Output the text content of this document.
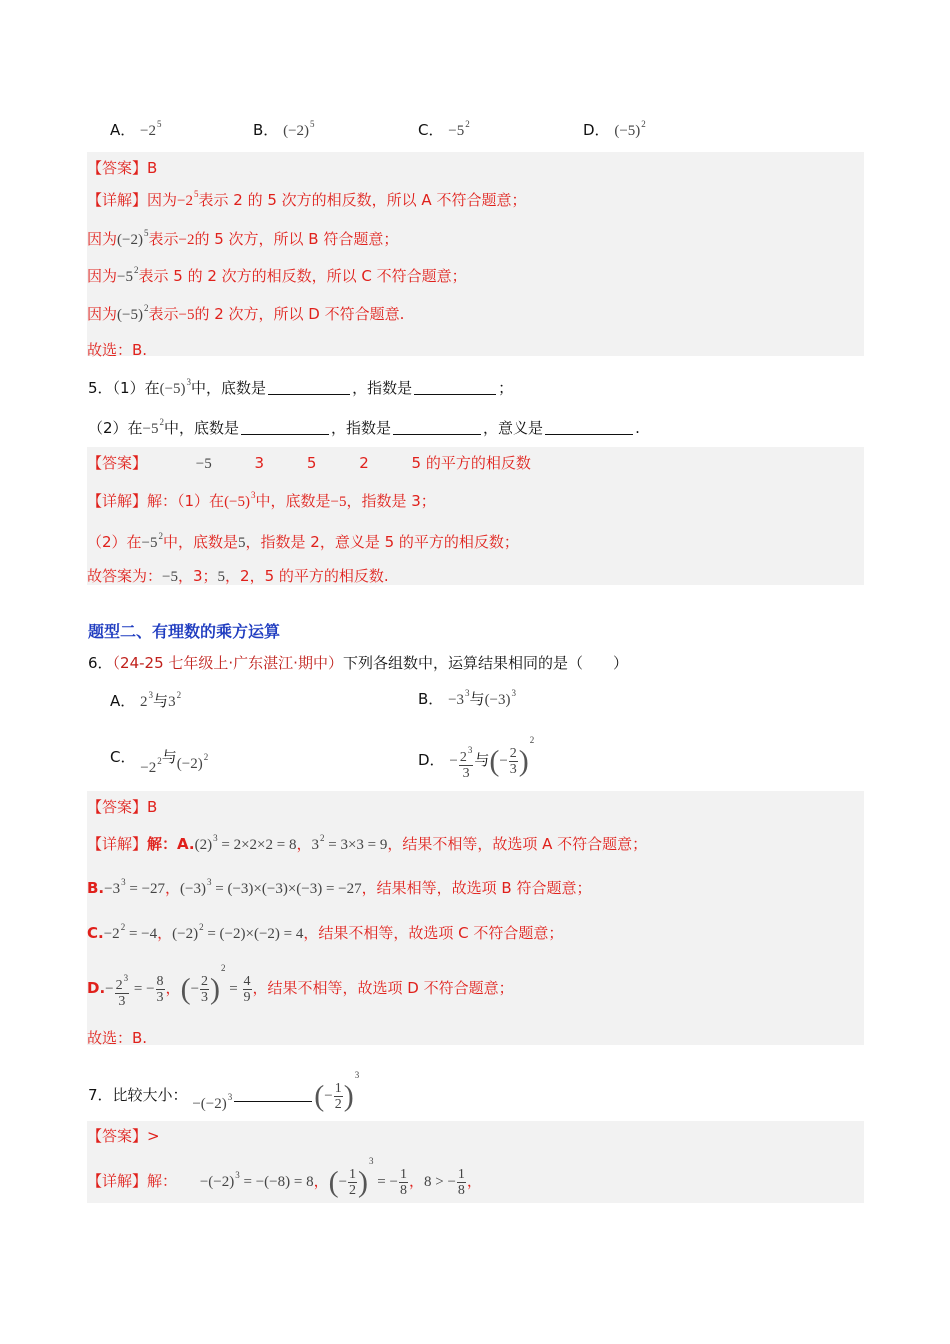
A． $-2^5$	B． $(-2)^5$	C． $-5^2$	D． $(-5)^2$
【答案】B
【详解】因为$-2^5$表示 2 的 5 次方的相反数，所以 A 不符合题意；
因为$(-2)^5$表示−2的 5 次方，所以 B 符合题意；
因为$-5^2$表示 5 的 2 次方的相反数，所以 C 不符合题意；
因为$(-5)^2$表示−5的 2 次方，所以 D 不符合题意.
故选：B.
5．（1）在$(-5)^3$中，底数是	，指数是	；
（2）在$-5^2$中，底数是	，指数是	，意义是	.
【答案】	−5	3	5	2	5 的平方的相反数
【详解】解：（1）在$(-5)^3$中，底数是−5，指数是 3；
（2）在$-5^2$中，底数是5，指数是 2，意义是 5 的平方的相反数；
故答案为：−5，3；5，2，5 的平方的相反数.
题型二、有理数的乘方运算
6．（24-25 七年级上·广东湛江·期中）下列各组数中，运算结果相同的是（　　）
A． $2^3$与$3^2$	B． $-3^3$与$(-3)^3$
C． $-2^2$与$(-2)^2$	D． − $\frac{2^3}{3}$ 与(− $\frac{2}{3} )^2$
【答案】B
【详解】解：$A.(2)^3 = 2\times 2\times 2 = 8$，$3^2 = 3\times 3 = 9$，结果不相等，故选项 A 不符合题意；
$B.-3^3 = -27$，$(-3)^3 = (-3)\times(-3)\times(-3) = -27$，结果相等，故选项 B 符合题意；
$C.-2^2 = -4$，$(-2)^2 = (-2)\times(-2) = 4$，结果不相等，故选项 C 不符合题意；
$D.- \frac{2^3}{3}$ = − $\frac{8}{3}$ ，(− $\frac{2}{3} )^2 = \frac{4}{9}$ ，结果不相等，故选项 D 不符合题意；
故选：B.
7．比较大小： $-(-2)^3$	(− $\frac{1}{2} )^3$
【答案】>
【详解】解： $-(-2)^3 = -(-8) = 8$，(− $\frac{1}{2} )^3$ = − $\frac{1}{8}$ ，8 > − $\frac{1}{8}$ ，
